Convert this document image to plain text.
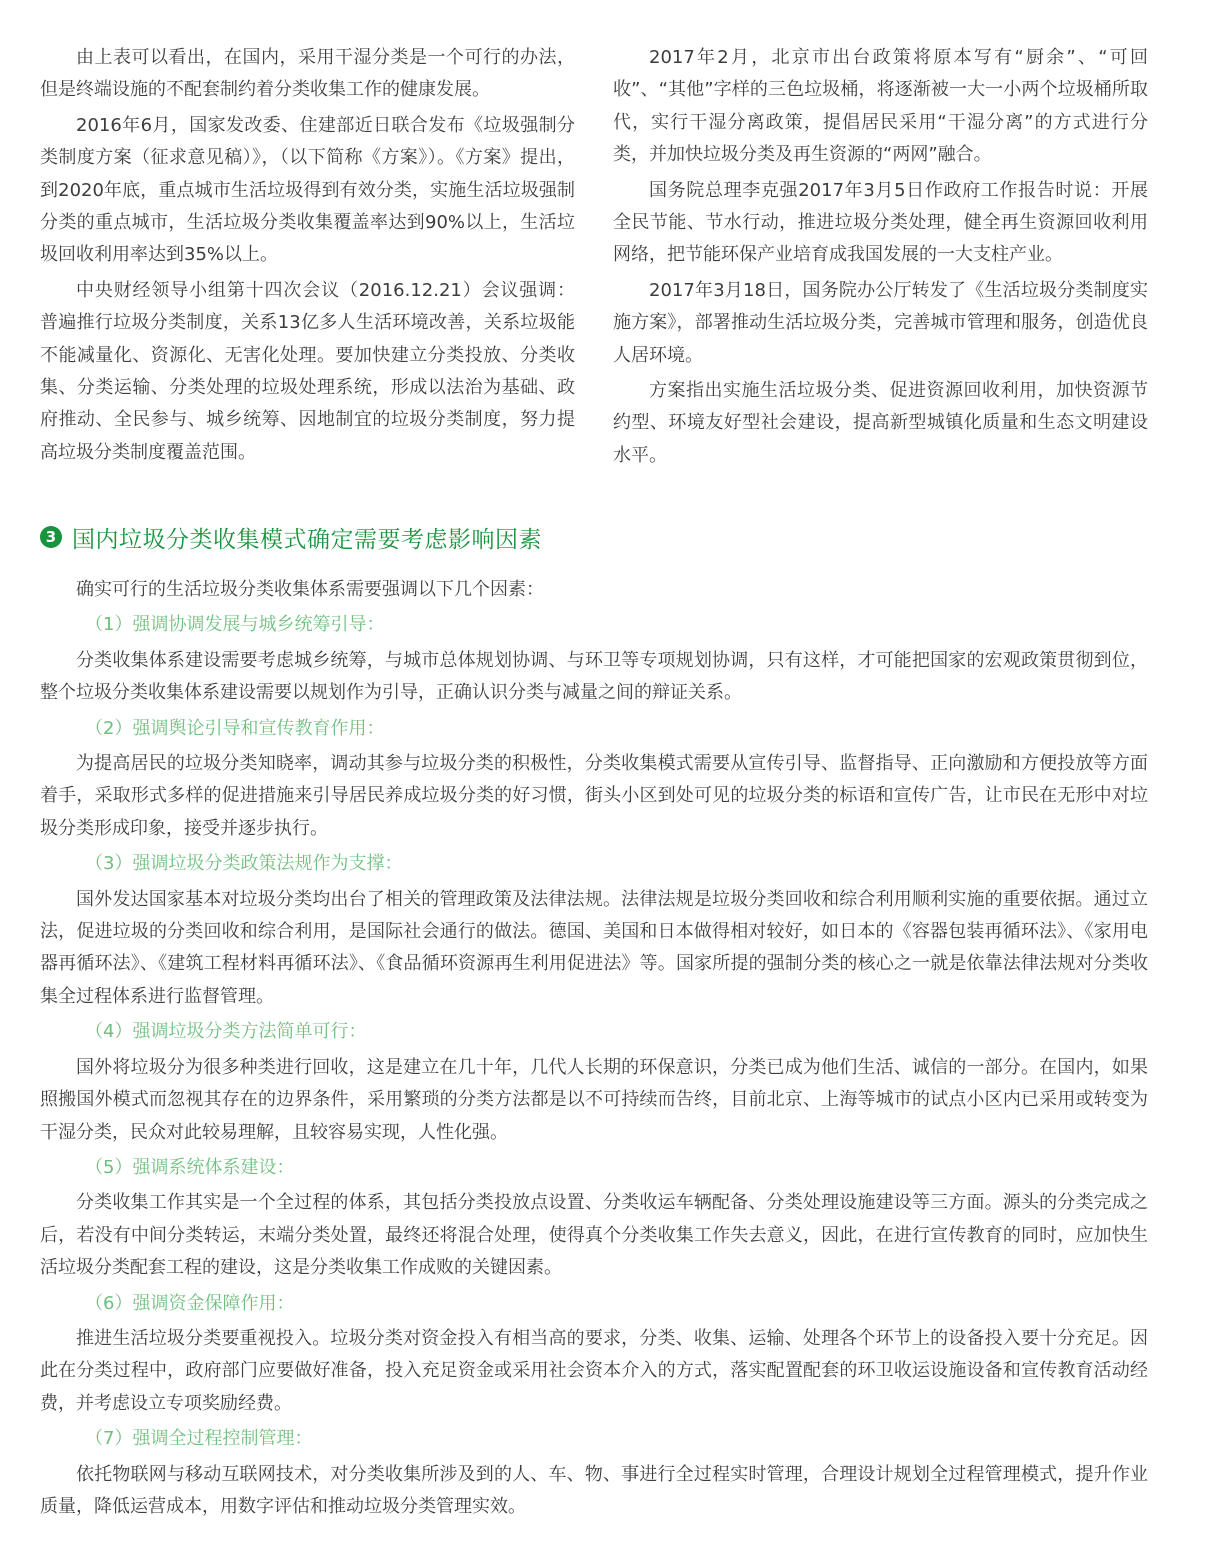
由上表可以看出，在国内，采用干湿分类是一个可行的办法，但是终端设施的不配套制约着分类收集工作的健康发展。

2016年6月，国家发改委、住建部近日联合发布《垃圾强制分类制度方案（征求意见稿）》，（以下简称《方案》）。《方案》提出，到2020年底，重点城市生活垃圾得到有效分类，实施生活垃圾强制分类的重点城市，生活垃圾分类收集覆盖率达到90%以上，生活垃圾回收利用率达到35%以上。

中央财经领导小组第十四次会议（2016.12.21）会议强调：普遍推行垃圾分类制度，关系13亿多人生活环境改善，关系垃圾能不能减量化、资源化、无害化处理。要加快建立分类投放、分类收集、分类运输、分类处理的垃圾处理系统，形成以法治为基础、政府推动、全民参与、城乡统筹、因地制宜的垃圾分类制度，努力提高垃圾分类制度覆盖范围。

2017年2月，北京市出台政策将原本写有“厨余”、“可回收”、“其他”字样的三色垃圾桶，将逐渐被一大一小两个垃圾桶所取代，实行干湿分离政策，提倡居民采用“干湿分离”的方式进行分类，并加快垃圾分类及再生资源的“两网”融合。

国务院总理李克强2017年3月5日作政府工作报告时说：开展全民节能、节水行动，推进垃圾分类处理，健全再生资源回收利用网络，把节能环保产业培育成我国发展的一大支柱产业。

2017年3月18日，国务院办公厅转发了《生活垃圾分类制度实施方案》，部署推动生活垃圾分类，完善城市管理和服务，创造优良人居环境。

方案指出实施生活垃圾分类、促进资源回收利用，加快资源节约型、环境友好型社会建设，提高新型城镇化质量和生态文明建设水平。

3 国内垃圾分类收集模式确定需要考虑影响因素

确实可行的生活垃圾分类收集体系需要强调以下几个因素：

（1）强调协调发展与城乡统筹引导：

分类收集体系建设需要考虑城乡统筹，与城市总体规划协调、与环卫等专项规划协调，只有这样，才可能把国家的宏观政策贯彻到位，整个垃圾分类收集体系建设需要以规划作为引导，正确认识分类与减量之间的辩证关系。

（2）强调舆论引导和宣传教育作用：

为提高居民的垃圾分类知晓率，调动其参与垃圾分类的积极性，分类收集模式需要从宣传引导、监督指导、正向激励和方便投放等方面着手，采取形式多样的促进措施来引导居民养成垃圾分类的好习惯，街头小区到处可见的垃圾分类的标语和宣传广告，让市民在无形中对垃圾分类形成印象，接受并逐步执行。

（3）强调垃圾分类政策法规作为支撑：

国外发达国家基本对垃圾分类均出台了相关的管理政策及法律法规。法律法规是垃圾分类回收和综合利用顺利实施的重要依据。通过立法，促进垃圾的分类回收和综合利用，是国际社会通行的做法。德国、美国和日本做得相对较好，如日本的《容器包装再循环法》、《家用电器再循环法》、《建筑工程材料再循环法》、《食品循环资源再生利用促进法》等。国家所提的强制分类的核心之一就是依靠法律法规对分类收集全过程体系进行监督管理。

（4）强调垃圾分类方法简单可行：

国外将垃圾分为很多种类进行回收，这是建立在几十年，几代人长期的环保意识，分类已成为他们生活、诚信的一部分。在国内，如果照搬国外模式而忽视其存在的边界条件，采用繁琐的分类方法都是以不可持续而告终，目前北京、上海等城市的试点小区内已采用或转变为干湿分类，民众对此较易理解，且较容易实现，人性化强。

（5）强调系统体系建设：

分类收集工作其实是一个全过程的体系，其包括分类投放点设置、分类收运车辆配备、分类处理设施建设等三方面。源头的分类完成之后，若没有中间分类转运，末端分类处置，最终还将混合处理，使得真个分类收集工作失去意义，因此，在进行宣传教育的同时，应加快生活垃圾分类配套工程的建设，这是分类收集工作成败的关键因素。

（6）强调资金保障作用：

推进生活垃圾分类要重视投入。垃圾分类对资金投入有相当高的要求，分类、收集、运输、处理各个环节上的设备投入要十分充足。因此在分类过程中，政府部门应要做好准备，投入充足资金或采用社会资本介入的方式，落实配置配套的环卫收运设施设备和宣传教育活动经费，并考虑设立专项奖励经费。

（7）强调全过程控制管理：

依托物联网与移动互联网技术，对分类收集所涉及到的人、车、物、事进行全过程实时管理，合理设计规划全过程管理模式，提升作业质量，降低运营成本，用数字评估和推动垃圾分类管理实效。
